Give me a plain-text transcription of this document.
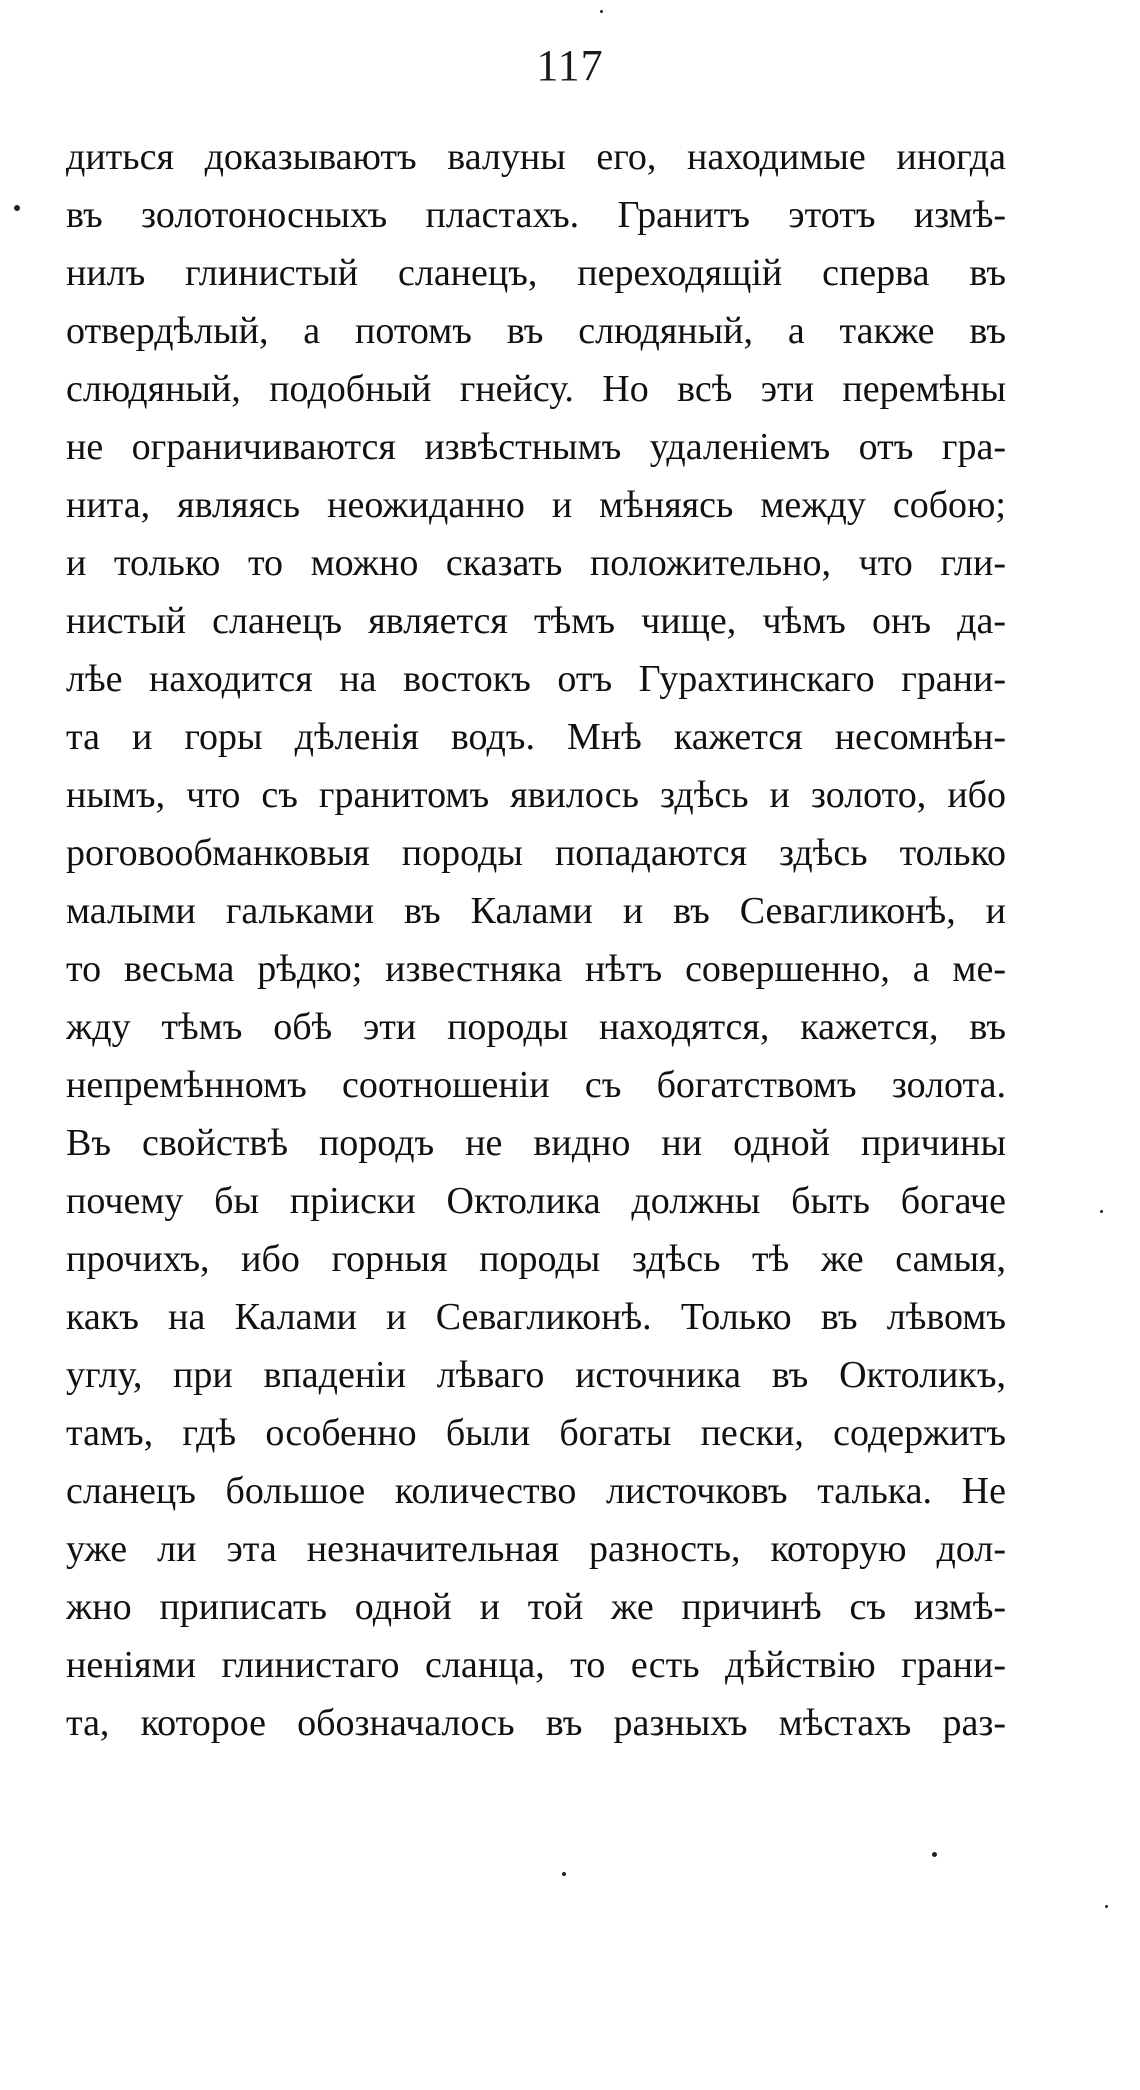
117
диться доказываютъ валуны его, находимые иногда
въ золотоносныхъ пластахъ. Гранитъ этотъ измѣ-
нилъ глинистый сланецъ, переходящій сперва въ
отвердѣлый, а потомъ въ слюдяный, а также въ
слюдяный, подобный гнейсу. Но всѣ эти перемѣны
не ограничиваются извѣстнымъ удаленіемъ отъ гра-
нита, являясь неожиданно и мѣняясь между собою;
и только то можно сказать положительно, что гли-
нистый сланецъ является тѣмъ чище, чѣмъ онъ да-
лѣе находится на востокъ отъ Гурахтинскаго грани-
та и горы дѣленія водъ. Мнѣ кажется несомнѣн-
нымъ, что съ гранитомъ явилось здѣсь и золото, ибо
роговообманковыя породы попадаются здѣсь только
малыми гальками въ Калами и въ Севагликонѣ, и
то весьма рѣдко; известняка нѣтъ совершенно, а ме-
жду тѣмъ обѣ эти породы находятся, кажется, въ
непремѣнномъ соотношеніи съ богатствомъ золота.
Въ свойствѣ породъ не видно ни одной причины
почему бы пріиски Октолика должны быть богаче
прочихъ, ибо горныя породы здѣсь тѣ же самыя,
какъ на Калами и Севагликонѣ. Только въ лѣвомъ
углу, при впаденіи лѣваго источника въ Октоликъ,
тамъ, гдѣ особенно были богаты пески, содержитъ
сланецъ большое количество листочковъ талька. Не
уже ли эта незначительная разность, которую дол-
жно приписать одной и той же причинѣ съ измѣ-
неніями глинистаго сланца, то есть дѣйствію грани-
та, которое обозначалось въ разныхъ мѣстахъ раз-
